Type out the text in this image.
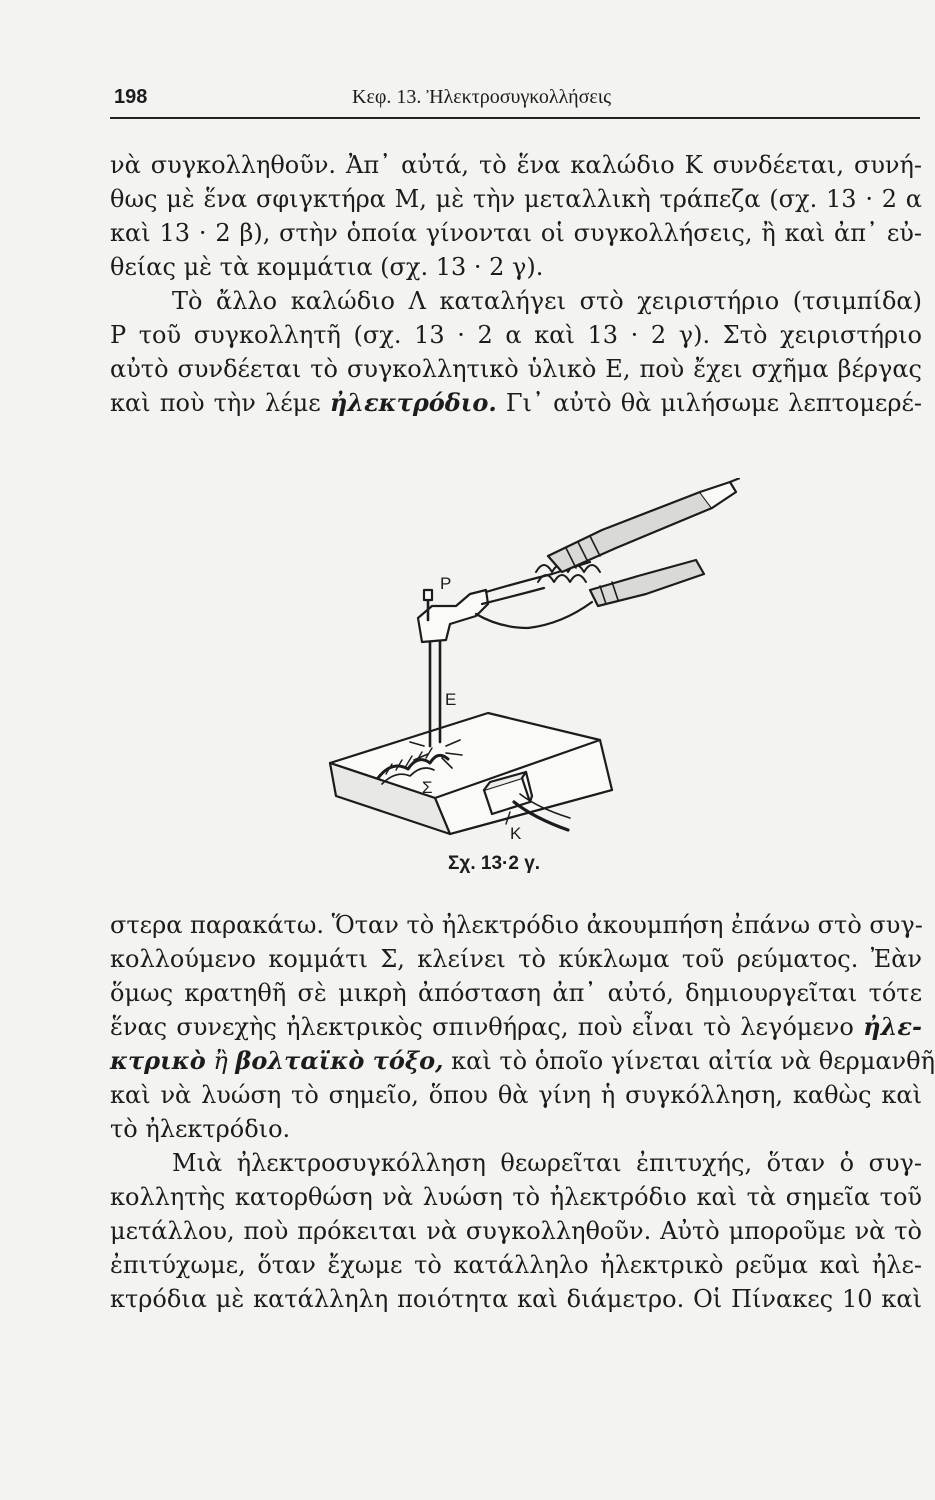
198	Κεφ. 13. Ἠλεκτροσυγκολλήσεις

νὰ συγκολληθοῦν. Ἀπ᾿ αὐτά, τὸ ἕνα καλώδιο Κ συνδέεται, συνή-
θως μὲ ἕνα σφιγκτήρα Μ, μὲ τὴν μεταλλικὴ τράπεζα (σχ. 13 · 2 α
καὶ 13 · 2 β), στὴν ὁποία γίνονται οἱ συγκολλήσεις, ἢ καὶ ἀπ᾿ εὐ-
θείας μὲ τὰ κομμάτια (σχ. 13 · 2 γ).

Τὸ ἄλλο καλώδιο Λ καταλήγει στὸ χειριστήριο (τσιμπίδα)
Ρ τοῦ συγκολλητῆ (σχ. 13 · 2 α καὶ 13 · 2 γ). Στὸ χειριστήριο
αὐτὸ συνδέεται τὸ συγκολλητικὸ ὑλικὸ Ε, ποὺ ἔχει σχῆμα βέργας
καὶ ποὺ τὴν λέμε ἠλεκτρόδιο. Γι᾿ αὐτὸ θὰ μιλήσωμε λεπτομερέ-

Ρ
Ε
Σ
Κ
Σχ. 13·2 γ.

στερα παρακάτω. Ὅταν τὸ ἠλεκτρόδιο ἀκουμπήση ἐπάνω στὸ συγ-
κολλούμενο κομμάτι Σ, κλείνει τὸ κύκλωμα τοῦ ρεύματος. Ἐὰν
ὅμως κρατηθῆ σὲ μικρὴ ἀπόσταση ἀπ᾿ αὐτό, δημιουργεῖται τότε
ἕνας συνεχὴς ἠλεκτρικὸς σπινθήρας, ποὺ εἶναι τὸ λεγόμενο ἠλε-
κτρικὸ ἢ βολταϊκὸ τόξο, καὶ τὸ ὁποῖο γίνεται αἰτία νὰ θερμανθῆ
καὶ νὰ λυώση τὸ σημεῖο, ὅπου θὰ γίνη ἡ συγκόλληση, καθὼς καὶ
τὸ ἠλεκτρόδιο.

Μιὰ ἠλεκτροσυγκόλληση θεωρεῖται ἐπιτυχής, ὅταν ὁ συγ-
κολλητὴς κατορθώση νὰ λυώση τὸ ἠλεκτρόδιο καὶ τὰ σημεῖα τοῦ
μετάλλου, ποὺ πρόκειται νὰ συγκολληθοῦν. Αὐτὸ μποροῦμε νὰ τὸ
ἐπιτύχωμε, ὅταν ἔχωμε τὸ κατάλληλο ἠλεκτρικὸ ρεῦμα καὶ ἠλε-
κτρόδια μὲ κατάλληλη ποιότητα καὶ διάμετρο. Οἱ Πίνακες 10 καὶ
